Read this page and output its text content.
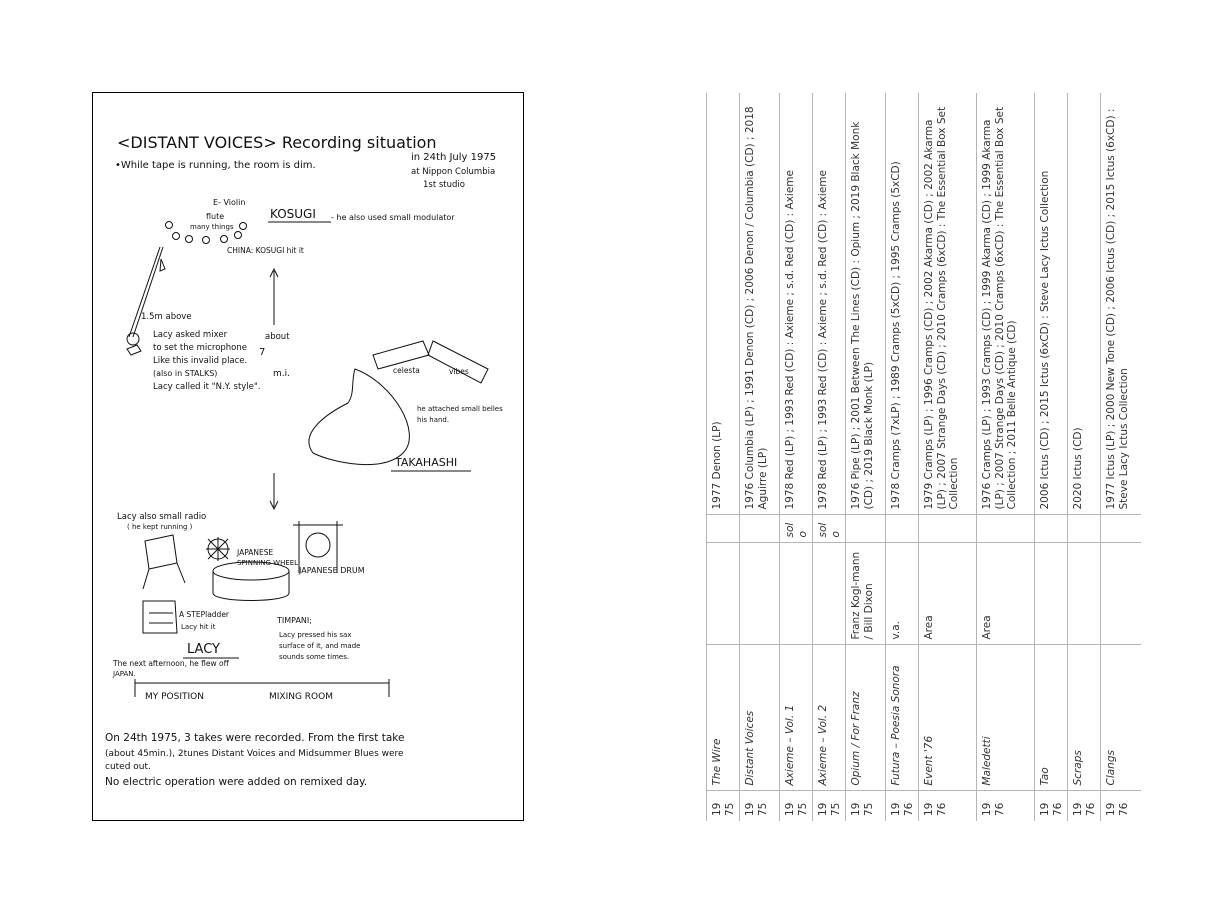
<DISTANT VOICES> Recording situation
•While tape is running, the room is dim.
in 24th July 1975
at Nippon Columbia
1st studio
E- Violin
flute
many things
KOSUGI - he also used small modulator
CHINA: KOSUGI hit it
1.5m above
about
7
Lacy asked mixer
to set the microphone
Like this invalid place.
(also in STALKS)
Lacy called it "N.Y. style".
m.i.	celesta	vibes
he attached small belles
his hand.
TAKAHASHI
Lacy also small radio
( he kept running )
JAPANESE
SPINNING WHEEL
JAPANESE DRUM
A STEPladder
Lacy hit it
TIMPANI;
Lacy pressed his sax
surface of it, and made
sounds some times.
LACY
The next afternoon, he flew off
JAPAN.
MY POSITION	MIXING ROOM
On 24th 1975, 3 takes were recorded. From the first take
(about 45min.), 2tunes Distant Voices and Midsummer Blues were
cuted out.
No electric operation were added on remixed day.
1975	The Wire			1977 Denon (LP)
1975	Distant Voices			1976 Columbia (LP) ; 1991 Denon (CD) ; 2006 Denon / Columbia (CD) ; 2018 Aguirre (LP)
1975	Axieme – Vol. 1		solo	1978 Red (LP) ; 1993 Red (CD) : Axieme ; s.d. Red (CD) : Axieme
1975	Axieme – Vol. 2		solo	1978 Red (LP) ; 1993 Red (CD) : Axieme ; s.d. Red (CD) : Axieme
1975	Opium / For Franz	Franz Kogl-mann / Bill Dixon		1976 Pipe (LP) ; 2001 Between The Lines (CD) : Opium ; 2019 Black Monk (CD) ; 2019 Black Monk (LP)
1976	Futura – Poesia Sonora	v.a.		1978 Cramps (7xLP) ; 1989 Cramps (5xCD) ; 1995 Cramps (5xCD)
1976	Event '76	Area		1979 Cramps (LP) ; 1996 Cramps (CD) ; 2002 Akarma (CD) ; 2002 Akarma (LP) ; 2007 Strange Days (CD) ; 2010 Cramps (6xCD) : The Essential Box Set Collection
1976	Maledetti	Area		1976 Cramps (LP) ; 1993 Cramps (CD) ; 1999 Akarma (CD) ; 1999 Akarma (LP) ; 2007 Strange Days (CD) ; 2010 Cramps (6xCD) : The Essential Box Set Collection ; 2011 Belle Antique (CD)
1976	Tao			2006 Ictus (CD) ; 2015 Ictus (6xCD) : Steve Lacy Ictus Collection
1976	Scraps			2020 Ictus (CD)
1976	Clangs			1977 Ictus (LP) ; 2000 New Tone (CD) ; 2006 Ictus (CD) ; 2015 Ictus (6xCD) : Steve Lacy Ictus Collection
